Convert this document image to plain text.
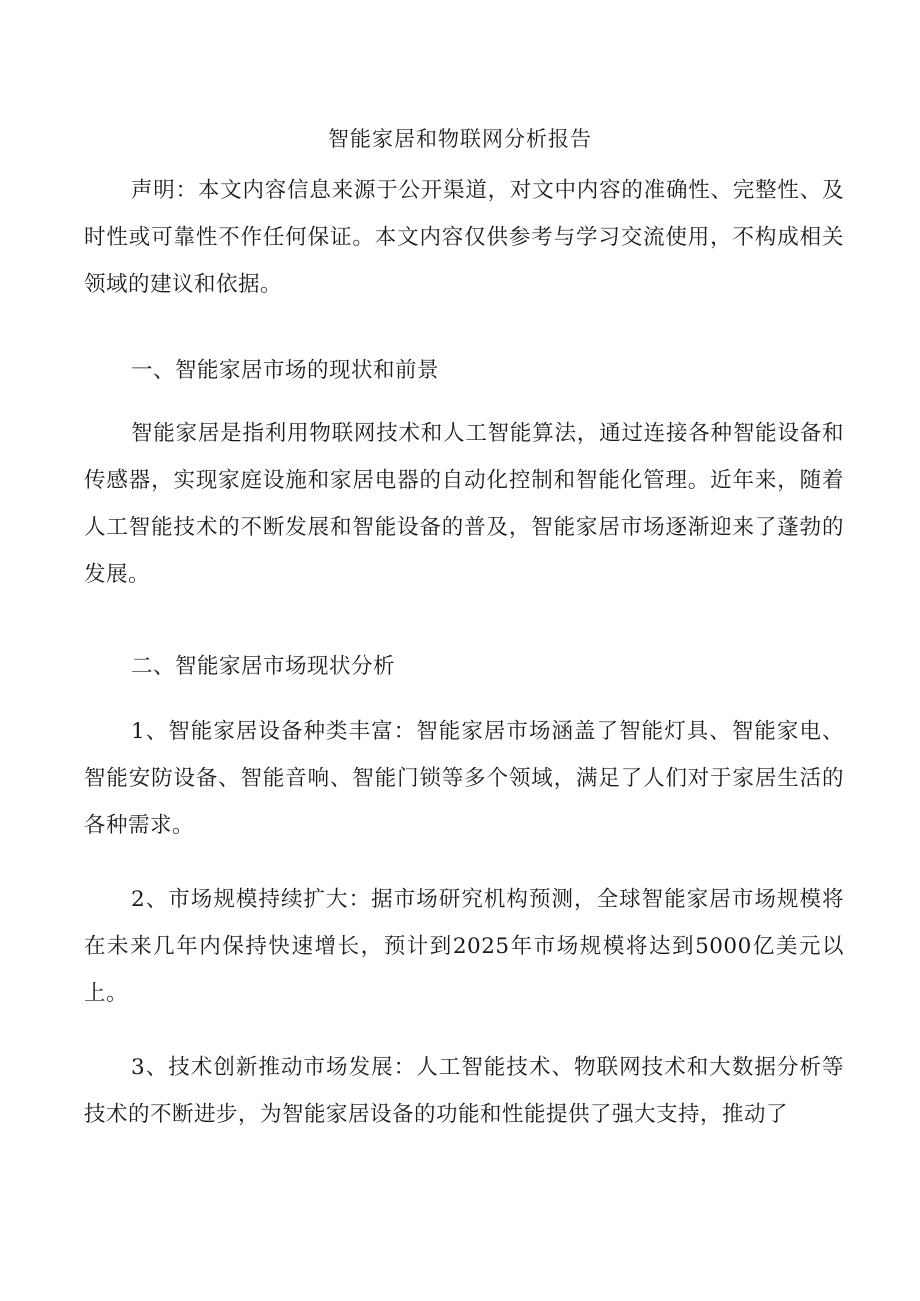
智能家居和物联网分析报告
声明：本文内容信息来源于公开渠道，对文中内容的准确性、完整性、及时性或可靠性不作任何保证。本文内容仅供参考与学习交流使用，不构成相关领域的建议和依据。
一、智能家居市场的现状和前景
智能家居是指利用物联网技术和人工智能算法，通过连接各种智能设备和传感器，实现家庭设施和家居电器的自动化控制和智能化管理。近年来，随着人工智能技术的不断发展和智能设备的普及，智能家居市场逐渐迎来了蓬勃的发展。
二、智能家居市场现状分析
1、智能家居设备种类丰富：智能家居市场涵盖了智能灯具、智能家电、智能安防设备、智能音响、智能门锁等多个领域，满足了人们对于家居生活的各种需求。
2、市场规模持续扩大：据市场研究机构预测，全球智能家居市场规模将在未来几年内保持快速增长，预计到2025年市场规模将达到5000亿美元以上。
3、技术创新推动市场发展：人工智能技术、物联网技术和大数据分析等技术的不断进步，为智能家居设备的功能和性能提供了强大支持，推动了
